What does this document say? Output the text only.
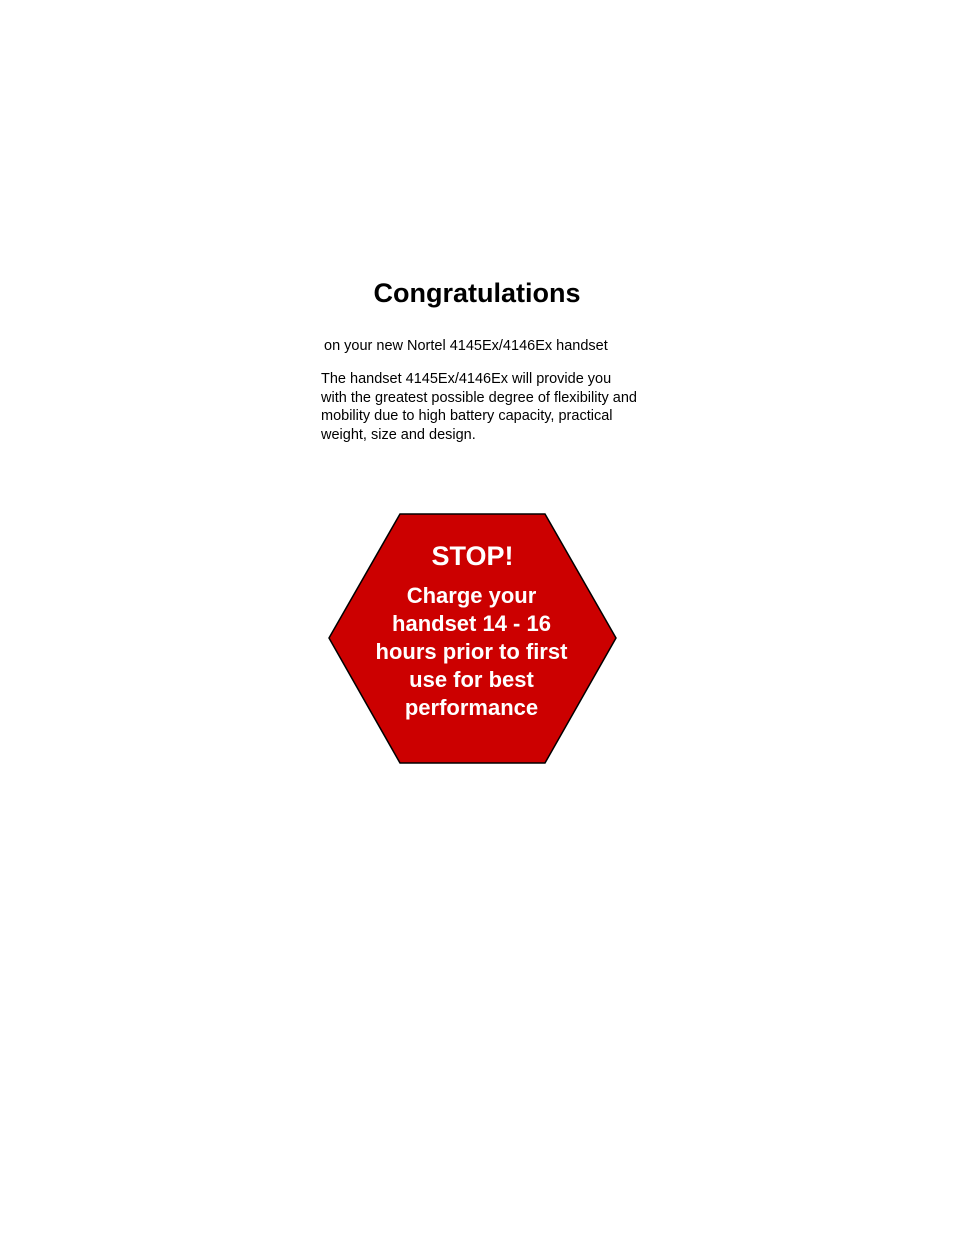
Congratulations

on your new Nortel 4145Ex/4146Ex handset

The handset 4145Ex/4146Ex will provide you with the greatest possible degree of flexibility and mobility due to high battery capacity, practical weight, size and design.

STOP!
Charge your handset 14 - 16 hours prior to first use for best performance
